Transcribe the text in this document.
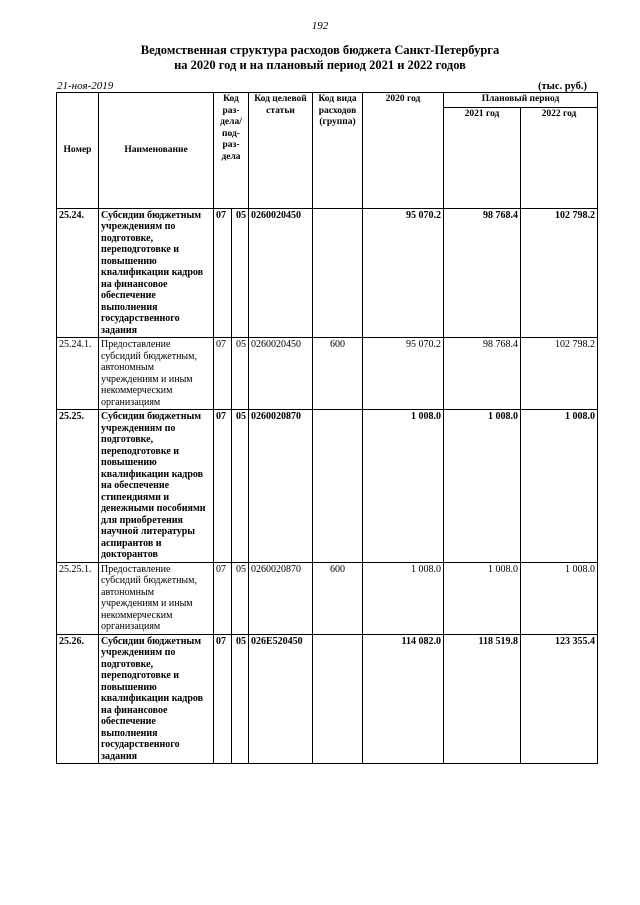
192
Ведомственная структура расходов бюджета Санкт-Петербурга
на 2020 год и на плановый период 2021 и 2022 годов
21-ноя-2019	(тыс. руб.)
Номер	Наименование	Код раз-дела/ под-раз-дела		Код целевой статьи	Код вида расходов (группа)	2020 год	Плановый период	
							2021 год	2022 год
25.24.	Субсидии бюджетным учреждениям по подготовке, переподготовке и повышению квалификации кадров на финансовое обеспечение выполнения государственного задания	07	05	0260020450		95 070.2	98 768.4	102 798.2
25.24.1.	Предоставление субсидий бюджетным, автономным учреждениям и иным некоммерческим организациям	07	05	0260020450	600	95 070.2	98 768.4	102 798.2
25.25.	Субсидии бюджетным учреждениям по подготовке, переподготовке и повышению квалификации кадров на обеспечение стипендиями и денежными пособиями для приобретения научной литературы аспирантов и докторантов	07	05	0260020870		1 008.0	1 008.0	1 008.0
25.25.1.	Предоставление субсидий бюджетным, автономным учреждениям и иным некоммерческим организациям	07	05	0260020870	600	1 008.0	1 008.0	1 008.0
25.26.	Субсидии бюджетным учреждениям по подготовке, переподготовке и повышению квалификации кадров на финансовое обеспечение выполнения государственного задания	07	05	026E520450		114 082.0	118 519.8	123 355.4
